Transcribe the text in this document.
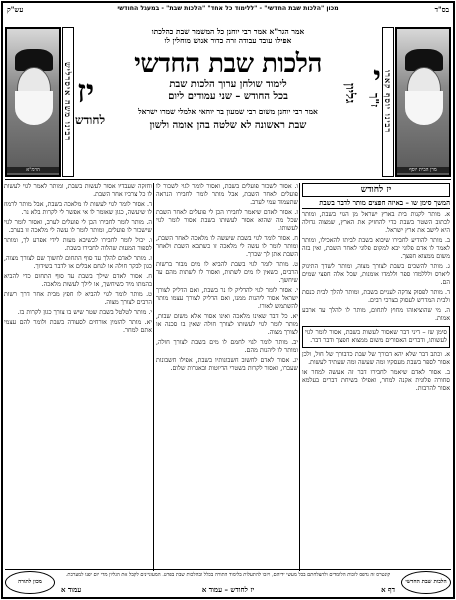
בס"ד
עש"ק	מכון "הלכות שבת החדשי" - "ללימוד כל אחד" "הלכות שבת" - במעגל החודשי
מרן הבית יוסף
רבינו יוסף קארו
גליון י
ז"ך
אמר הגר"א אמר רבי יוחנן כל המשמר שבת כהלכתו
אפילו עובד עבודה זרה כדור אנוש מוחלין לו
הלכות שבת החדשי
לימוד שולחן ערוך הלכות שבת
בכל החודש – שני עמודים ליום
אמר רבי יוחנן משום רבי שמעון בר יוחאי אלמלי שמרו ישראל
שבת ראשונה לא שלטה בהן אומה ולשון
יז
לחודש
רבינו משה איסרליש
הרמ"א
יז לחודש
המשך סימן שו – באיזה חפצים מותר לדבר בשבת
א. מותר לקנות בית בארץ ישראל מן הגוי בשבת, ומותר לכתוב השטר בשבת כדי להחזיק את הארץ, שמצוה גדולה היא לישב את ארץ ישראל.
ב. מותר להודיע לחבירו שיבוא בשבת לביתו להאכילו, ומותר לאמר לו אדם פלוני יבא למקום פלוני לאחר השבת, ואין בזה משום ממצוא חפצך.
ג. מותר להשכים בשבת לצורך מצוה, ומותר לשדך התינוק ליארס ולללמדו ספר וללמדו אומנות, שכל אלה חפצי שמים הם.
ד. מותר לפסוק צדקה לעניים בשבת, ומותר להלך לבית כנסת ולבית המדרש לעסוק בצרכי רבים.
ה. מי שהוציאוהו מחוץ לתחום, מותר לו להלך עד ארבע אמות.
סימן שז – דיני דבר שאסור לעשות בשבת, אסור לומר לגוי לעשותו, ודברים האסורים משום ממצוא חפצך ודבר דבר.
א. וכתב דבר שלא יהא דבורך של שבת כדבורך של חול, ולכן אסור לספר בשבת מעסקיו ומה שעשה ומה שעתיד לעשות.
ב. אסור לאדם שיאמר לחבירו דבר זה אעשה למחר או סחורה פלונית אקנה למחר, ואפילו בשיחת דברים בעלמא אסור להרבות.
ו. אסור לשכור פועלים בשבת, ואסור לומר לגוי לשכור לו פועלים לאחר השבת, אבל מותר לומר לחבירו הנראה שתעמוד עמי לערב.
ז. אסור לאדם שיאמר לחבירו הכן לי פועלים לאחר השבת שכל מה שהוא אסור לעשותו בשבת אסור לומר לגוי לעשותו.
ח. אסור לומר לגוי בשבת שיעשה לו מלאכה לאחר השבת, ומותר לומר לו עשה לי מלאכה זו כשתבא השבת ולאחר השבת אתן לך שכרך.
ט. מותר לומר לגוי בשבת להביא לו מים מבור ברשות הרבים, כשאין לו מים לשתות, ואסור לו לשתות מהם עד שיחשך.
י. אסור לומר לגוי להדליק לו נר בשבת, ואם הדליק לצורך ישראל אסור ליהנות ממנו, ואם הדליק לצורך עצמו מותר להשתמש לאורו.
יא. כל דבר שאינו מלאכה ואינו אסור אלא משום שבות, מותר לומר לגוי לעשותו לצורך חולה שאין בו סכנה או לצורך מצוה.
יב. מותר לומר לגוי לחמם לו מים בשבת לצורך חולה, ומותר לו ליהנות מהם.
יג. אסור לאדם לחשוב חשבונותיו בשבת, אפילו חשבונות שעברו, ואסור לקרות בשטרי הדיוטות ובאגרות שלום.
וחזקה שעבדיו אסור לעשות בשבת, ומותר לאמר לגוי לעשות לו כל צרכיו אחר השבת.
ד. אסור לומר לגוי לעשות לו מלאכה בשבת, אבל מותר לרמוז לו שיעשה, כגון שאומר לו אי אפשר לי לקרות בלא נר.
ה. מותר לומר לחבירו הכן לי פועלים לערב, ואסור לומר לגוי שישכור לו פועלים, ומותר לומר לו עשה לי מלאכה זו בערב.
ו. יכול לומר לחבירו לכשיבא מעות לידי אפרע לך, ומותר לספור המעות שהלוה לחבירו בשבת.
ז. מותר לאדם להלך עד סוף התחום לחשוך שם לצורך מצוה, כגון לבקר חולה או לנחם אבלים או לדבר בשידוך.
ח. אסור לאדם שילך בשבת עד סוף התחום כדי להביא בהמתו מיד כשיחשך, או לילך לעשות מלאכה.
ט. מותר לומר לגוי להביא לו חפץ מבית אחר דרך רשות הרבים לצורך מצוה.
י. מותר לטלטל בשבת שטר שיש בו צורך כגון לקרות בו.
יא. מותר להזמין אורחים לסעודה בשבת ולומר להם עצמי אתם למחר.
הלכות שבת החדשי
קונטרס זה נדפס לזכות הלומדים ולהצלחתם בכל מעשי ידיהם, ויזכו להתעלות בלימוד התורה בכלל ובהלכות שבת בפרט. המעוניינים לקבל את הגליון מדי יום יפנו למערכת.
דף א
יז לחודש – עמוד א
עמוד א
מכון לתורה
